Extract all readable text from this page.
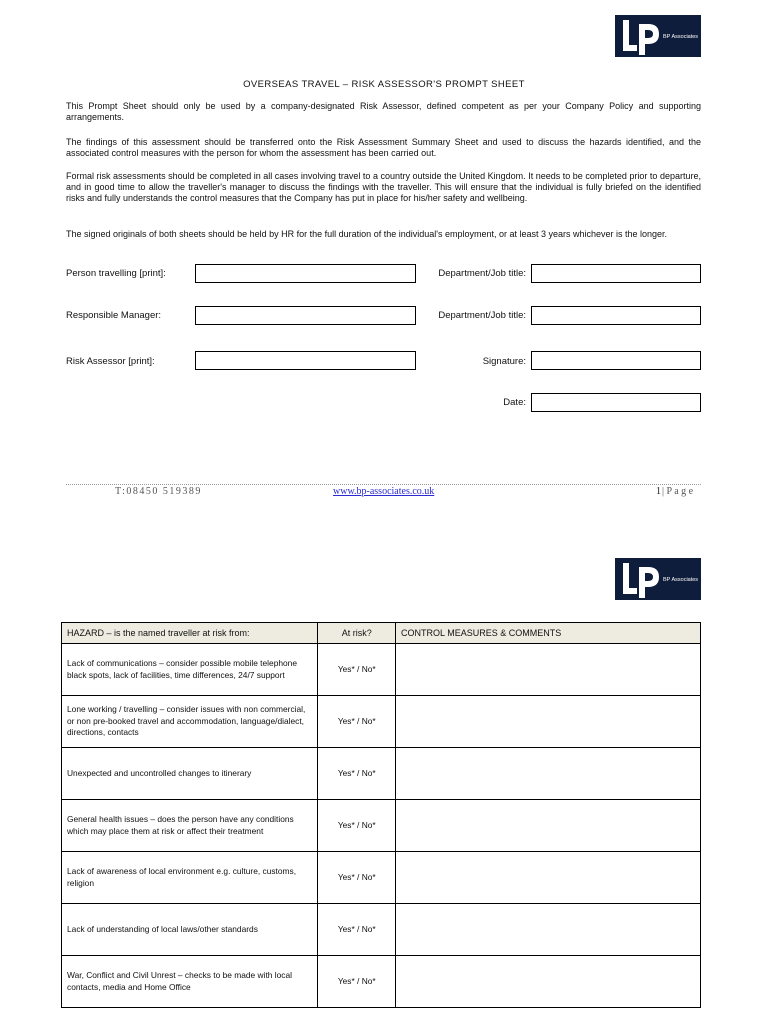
BP Associates
OVERSEAS TRAVEL – RISK ASSESSOR'S PROMPT SHEET
This Prompt Sheet should only be used by a company-designated Risk Assessor, defined competent as per your Company Policy and supporting arrangements.
The findings of this assessment should be transferred onto the Risk Assessment Summary Sheet and used to discuss the hazards identified, and the associated control measures with the person for whom the assessment has been carried out.
Formal risk assessments should be completed in all cases involving travel to a country outside the United Kingdom. It needs to be completed prior to departure, and in good time to allow the traveller's manager to discuss the findings with the traveller. This will ensure that the individual is fully briefed on the identified risks and fully understands the control measures that the Company has put in place for his/her safety and wellbeing.
The signed originals of both sheets should be held by HR for the full duration of the individual's employment, or at least 3 years whichever is the longer.
Person travelling [print]:	Department/Job title:
Responsible Manager:	Department/Job title:
Risk Assessor [print]:	Signature:
Date:
T:08450 519389	www.bp-associates.co.uk	1 | P a g e
BP Associates
HAZARD – is the named traveller at risk from:	At risk?	CONTROL MEASURES & COMMENTS
Lack of communications – consider possible mobile telephone black spots, lack of facilities, time differences, 24/7 support	Yes* / No*	
Lone working / travelling – consider issues with non commercial, or non pre-booked travel and accommodation, language/dialect, directions, contacts	Yes* / No*	
Unexpected and uncontrolled changes to itinerary	Yes* / No*	
General health issues – does the person have any conditions which may place them at risk or affect their treatment	Yes* / No*	
Lack of awareness of local environment e.g. culture, customs, religion	Yes* / No*	
Lack of understanding of local laws/other standards	Yes* / No*	
War, Conflict and Civil Unrest – checks to be made with local contacts, media and Home Office	Yes* / No*	
